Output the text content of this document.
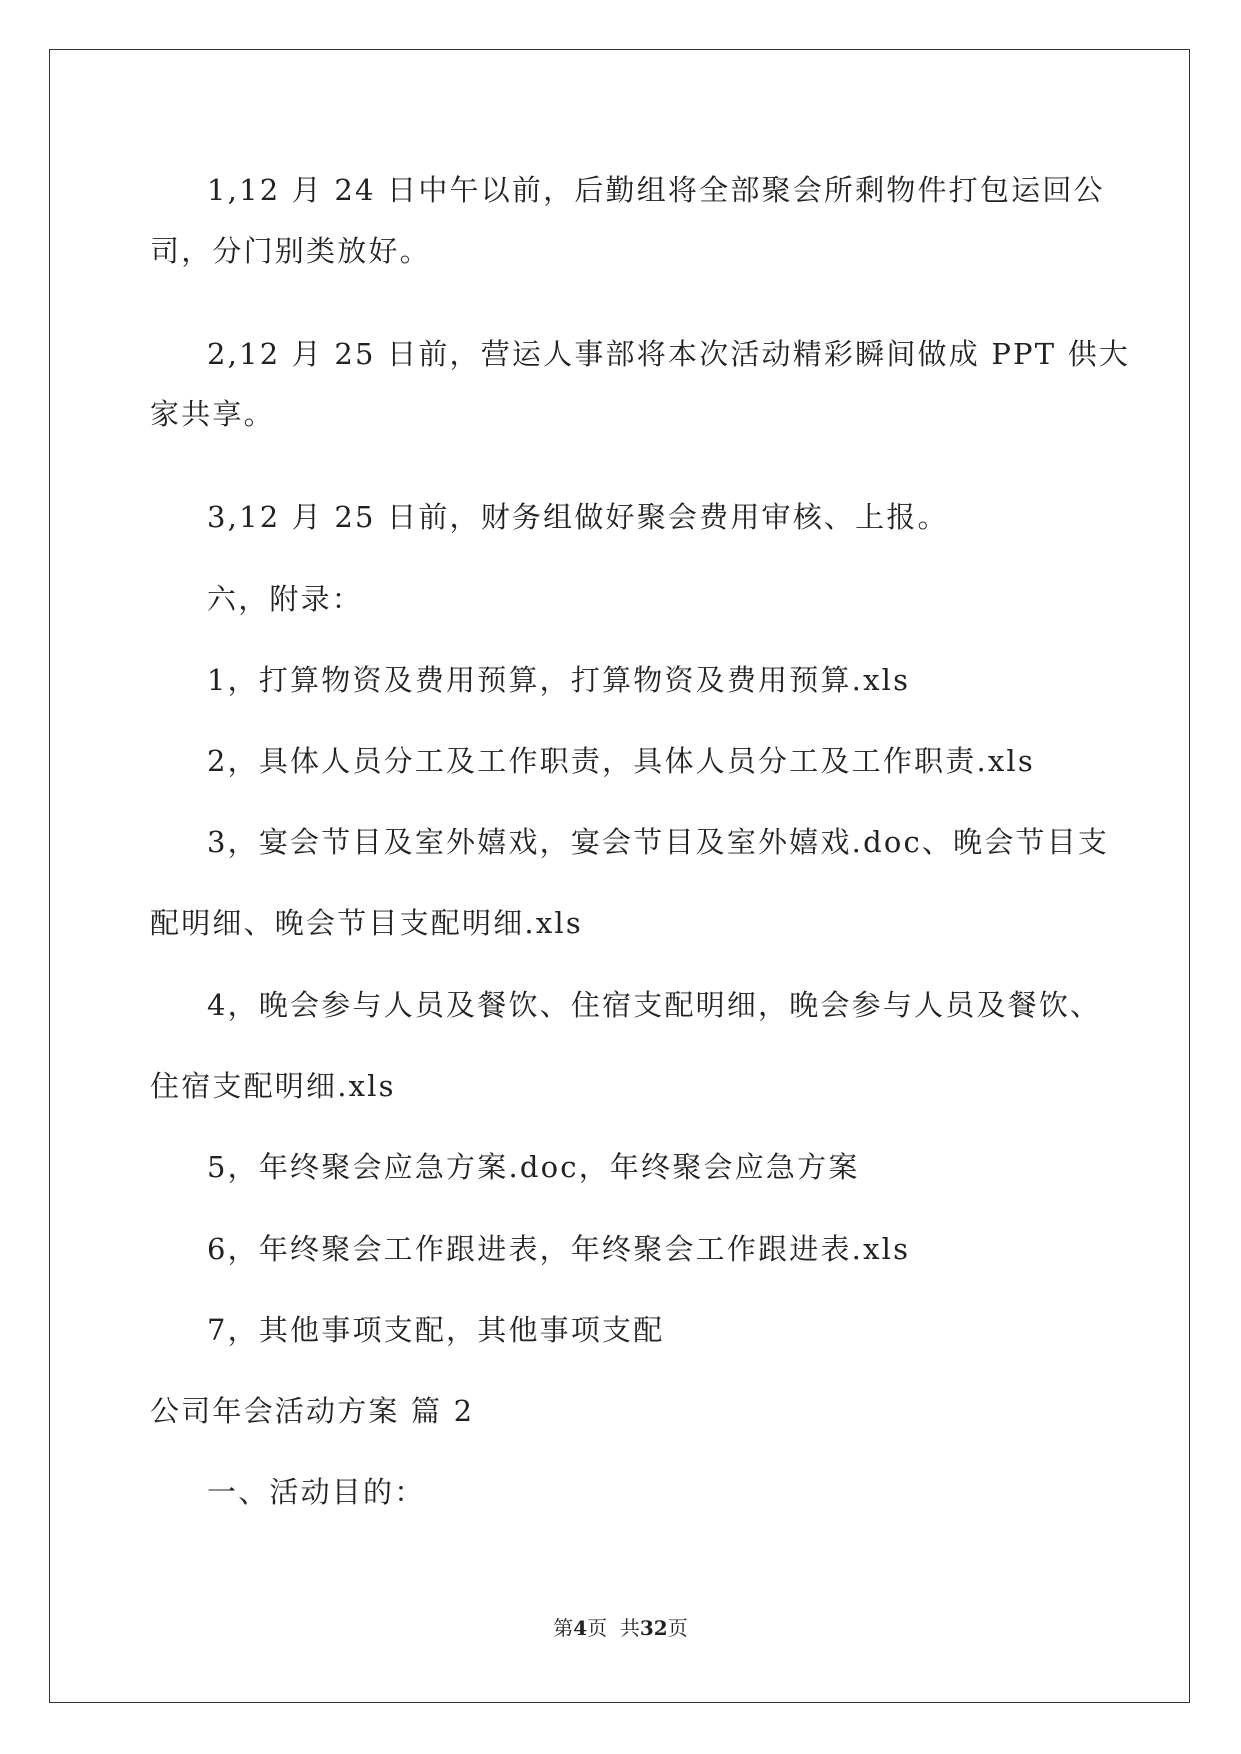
1,12 月 24 日中午以前，后勤组将全部聚会所剩物件打包运回公
司，分门别类放好。
2,12 月 25 日前，营运人事部将本次活动精彩瞬间做成 PPT 供大
家共享。
3,12 月 25 日前，财务组做好聚会费用审核、上报。
六，附录：
1，打算物资及费用预算，打算物资及费用预算.xls
2，具体人员分工及工作职责，具体人员分工及工作职责.xls
3，宴会节目及室外嬉戏，宴会节目及室外嬉戏.doc、晚会节目支
配明细、晚会节目支配明细.xls
4，晚会参与人员及餐饮、住宿支配明细，晚会参与人员及餐饮、
住宿支配明细.xls
5，年终聚会应急方案.doc，年终聚会应急方案
6，年终聚会工作跟进表，年终聚会工作跟进表.xls
7，其他事项支配，其他事项支配
公司年会活动方案 篇 2
一、活动目的：
第4页  共32页
